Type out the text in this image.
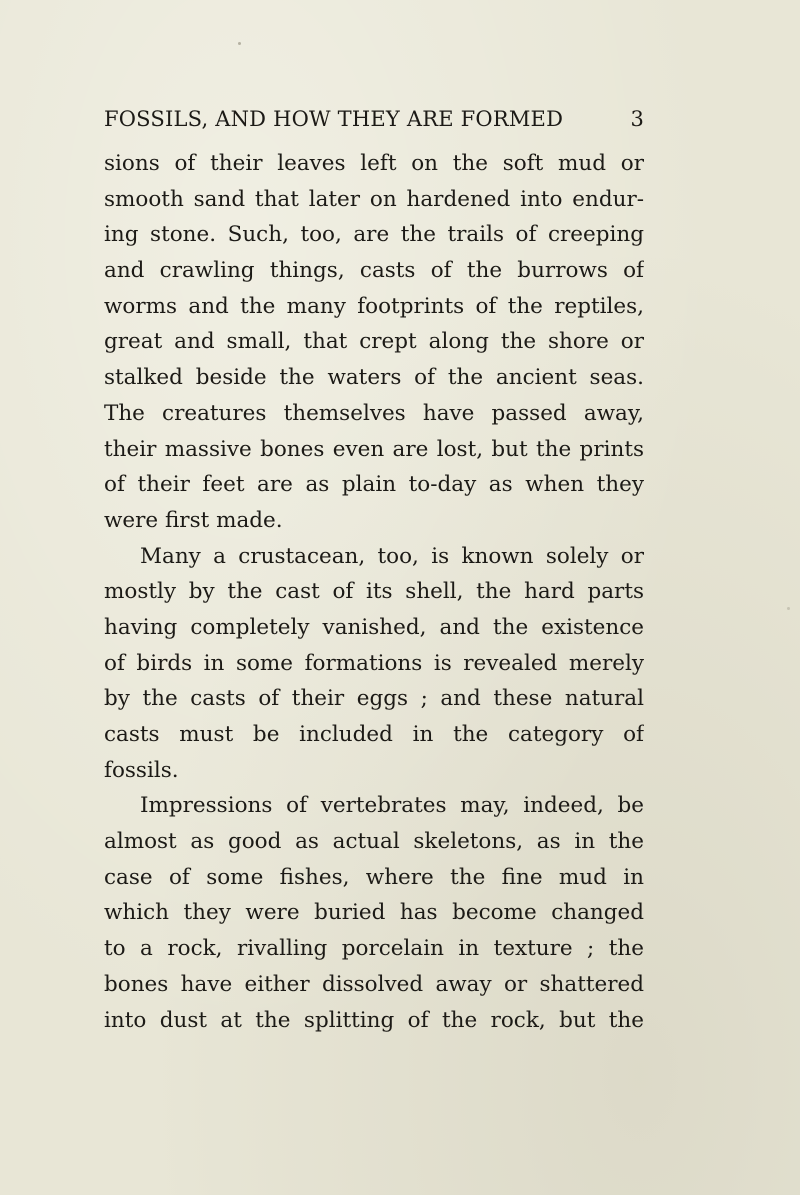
FOSSILS, AND HOW THEY ARE FORMED	3
sions of their leaves left on the soft mud or
smooth sand that later on hardened into endur-
ing stone. Such, too, are the trails of creeping
and crawling things, casts of the burrows of
worms and the many footprints of the reptiles,
great and small, that crept along the shore or
stalked beside the waters of the ancient seas.
The creatures themselves have passed away,
their massive bones even are lost, but the prints
of their feet are as plain to-day as when they
were first made.
Many a crustacean, too, is known solely or
mostly by the cast of its shell, the hard parts
having completely vanished, and the existence
of birds in some formations is revealed merely
by the casts of their eggs ; and these natural
casts must be included in the category of
fossils.
Impressions of vertebrates may, indeed, be
almost as good as actual skeletons, as in the
case of some fishes, where the fine mud in
which they were buried has become changed
to a rock, rivalling porcelain in texture ; the
bones have either dissolved away or shattered
into dust at the splitting of the rock, but the
